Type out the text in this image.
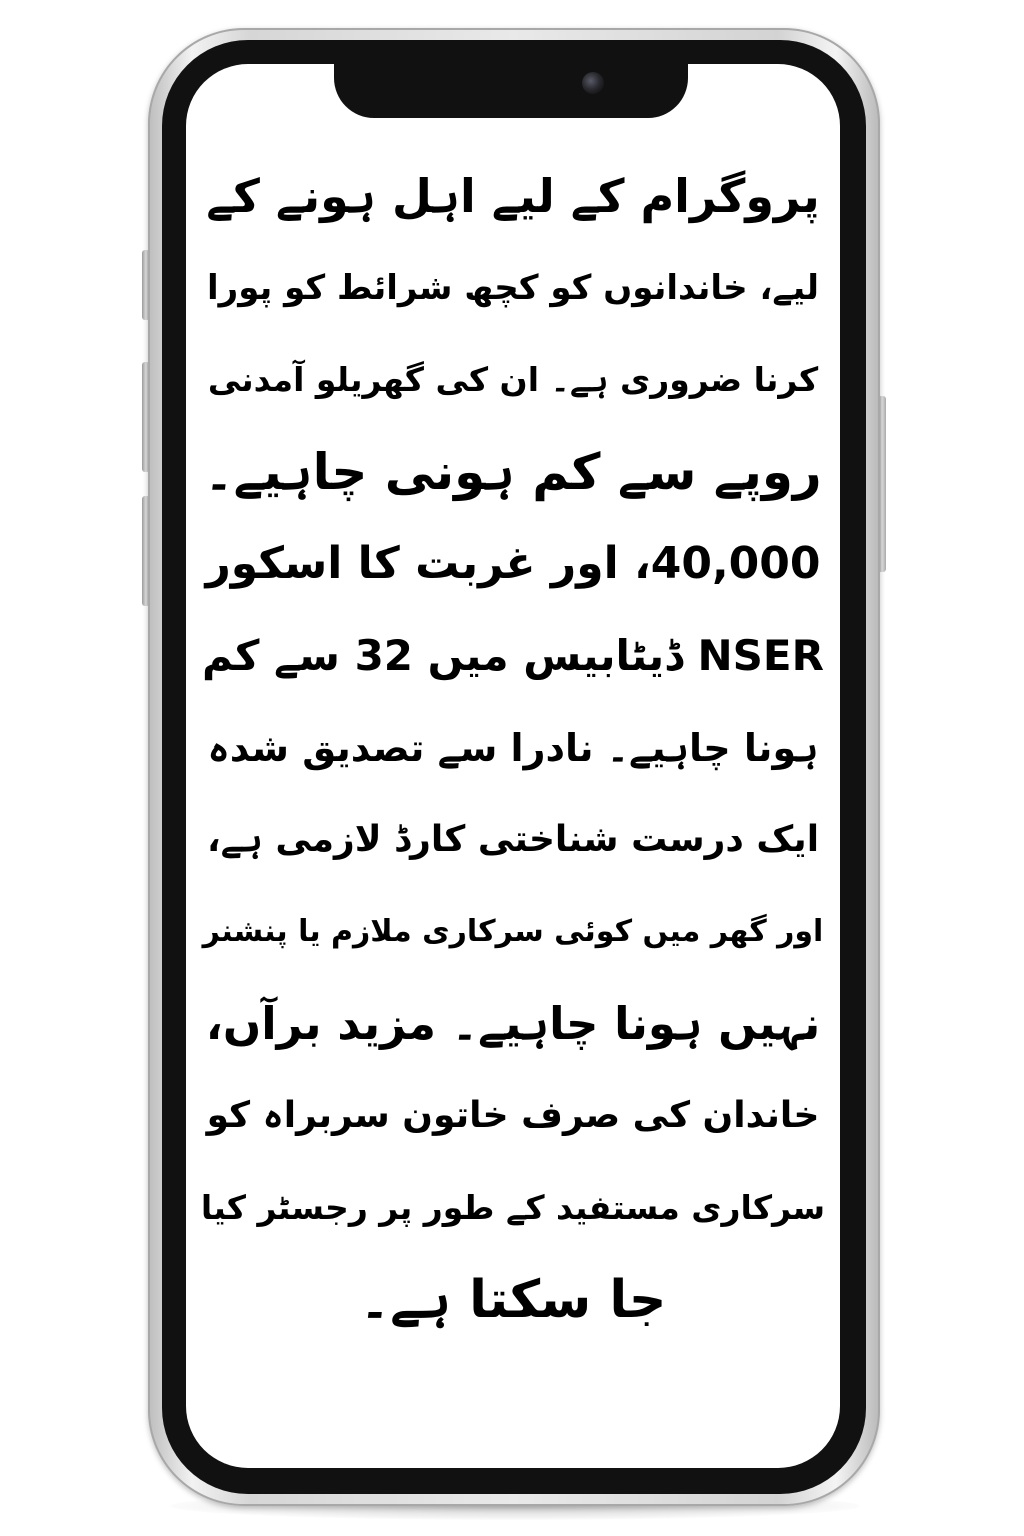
پروگرام کے لیے اہل ہونے کے
لیے، خاندانوں کو کچھ شرائط کو پورا
کرنا ضروری ہے۔ ان کی گھریلو آمدنی
روپے سے کم ہونی چاہیے۔
40,000، اور غربت کا اسکور
NSER ڈیٹابیس میں 32 سے کم
ہونا چاہیے۔ نادرا سے تصدیق شدہ
ایک درست شناختی کارڈ لازمی ہے،
اور گھر میں کوئی سرکاری ملازم یا پنشنر
نہیں ہونا چاہیے۔ مزید برآں،
خاندان کی صرف خاتون سربراہ کو
سرکاری مستفید کے طور پر رجسٹر کیا
جا سکتا ہے۔
